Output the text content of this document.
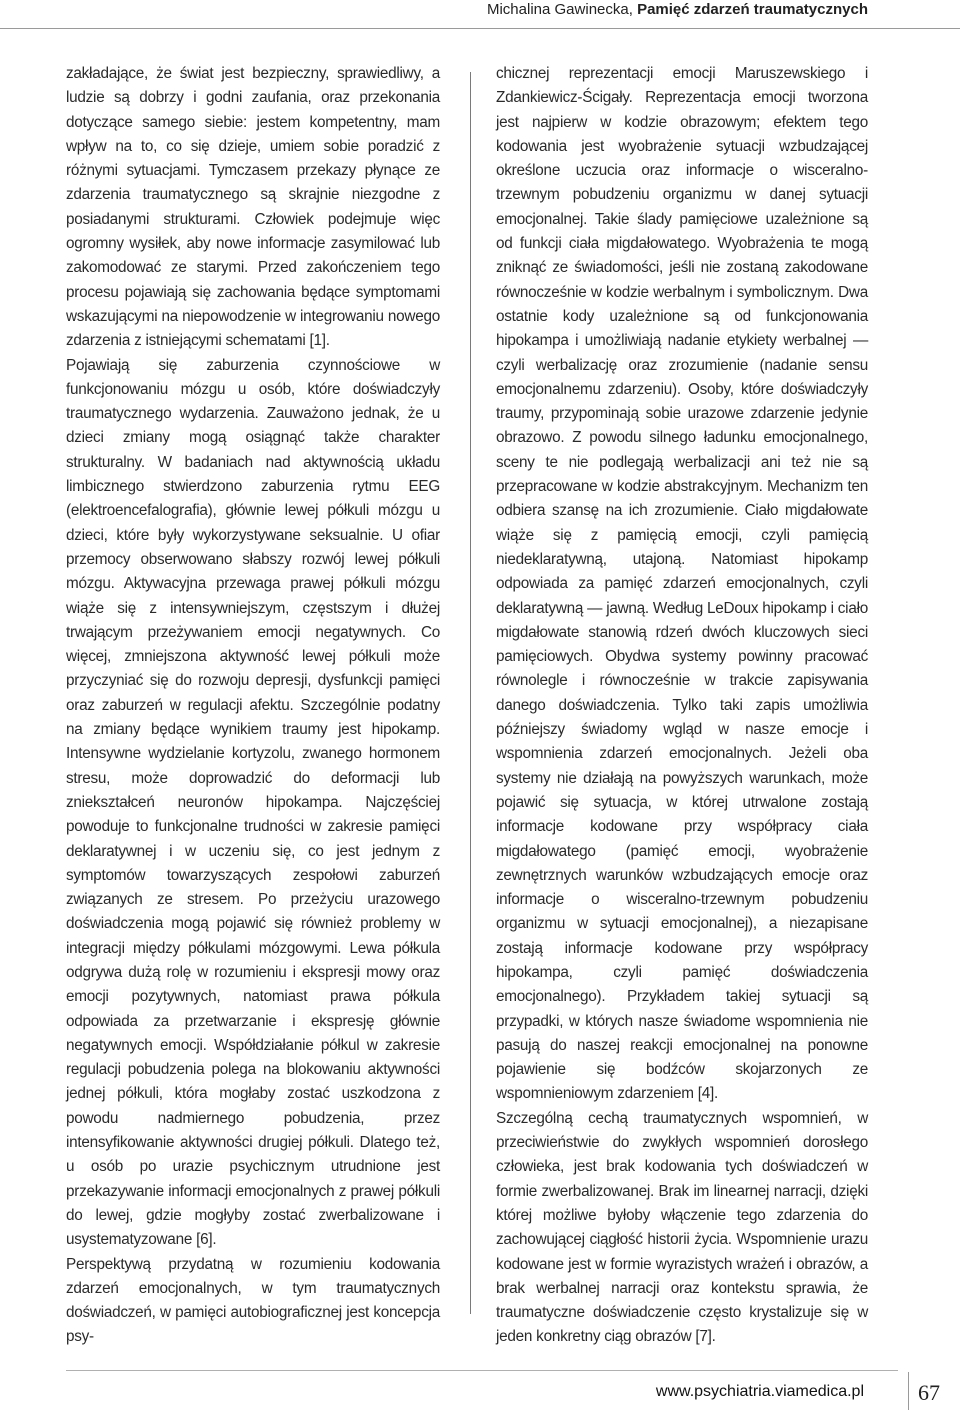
Michalina Gawinecka, Pamięć zdarzeń traumatycznych

zakładające, że świat jest bezpieczny, sprawiedliwy, a ludzie są dobrzy i godni zaufania, oraz przekonania dotyczące samego siebie: jestem kompetentny, mam wpływ na to, co się dzieje, umiem sobie poradzić z różnymi sytuacjami. Tymczasem przekazy płynące ze zdarzenia traumatycznego są skrajnie niezgodne z posiadanymi strukturami. Człowiek podejmuje więc ogromny wysiłek, aby nowe informacje zasymilować lub zakomodować ze starymi. Przed zakończeniem tego procesu pojawiają się zachowania będące symptomami wskazującymi na niepowodzenie w integrowaniu nowego zdarzenia z istniejącymi schematami [1].

Pojawiają się zaburzenia czynnościowe w funkcjonowaniu mózgu u osób, które doświadczyły traumatycznego wydarzenia. Zauważono jednak, że u dzieci zmiany mogą osiągnąć także charakter strukturalny. W badaniach nad aktywnością układu limbicznego stwierdzono zaburzenia rytmu EEG (elektroencefalografia), głównie lewej półkuli mózgu u dzieci, które były wykorzystywane seksualnie. U ofiar przemocy obserwowano słabszy rozwój lewej półkuli mózgu. Aktywacyjna przewaga prawej półkuli mózgu wiąże się z intensywniejszym, częstszym i dłużej trwającym przeżywaniem emocji negatywnych. Co więcej, zmniejszona aktywność lewej półkuli może przyczyniać się do rozwoju depresji, dysfunkcji pamięci oraz zaburzeń w regulacji afektu. Szczególnie podatny na zmiany będące wynikiem traumy jest hipokamp. Intensywne wydzielanie kortyzolu, zwanego hormonem stresu, może doprowadzić do deformacji lub zniekształceń neuronów hipokampa. Najczęściej powoduje to funkcjonalne trudności w zakresie pamięci deklaratywnej i w uczeniu się, co jest jednym z symptomów towarzyszących zespołowi zaburzeń związanych ze stresem. Po przeżyciu urazowego doświadczenia mogą pojawić się również problemy w integracji między półkulami mózgowymi. Lewa półkula odgrywa dużą rolę w rozumieniu i ekspresji mowy oraz emocji pozytywnych, natomiast prawa półkula odpowiada za przetwarzanie i ekspresję głównie negatywnych emocji. Współdziałanie półkul w zakresie regulacji pobudzenia polega na blokowaniu aktywności jednej półkuli, która mogłaby zostać uszkodzona z powodu nadmiernego pobudzenia, przez intensyfikowanie aktywności drugiej półkuli. Dlatego też, u osób po urazie psychicznym utrudnione jest przekazywanie informacji emocjonalnych z prawej półkuli do lewej, gdzie mogłyby zostać zwerbalizowane i usystematyzowane [6].

Perspektywą przydatną w rozumieniu kodowania zdarzeń emocjonalnych, w tym traumatycznych doświadczeń, w pamięci autobiograficznej jest koncepcja psy-

chicznej reprezentacji emocji Maruszewskiego i Zdankiewicz-Ścigały. Reprezentacja emocji tworzona jest najpierw w kodzie obrazowym; efektem tego kodowania jest wyobrażenie sytuacji wzbudzającej określone uczucia oraz informacje o wisceralno-trzewnym pobudzeniu organizmu w danej sytuacji emocjonalnej. Takie ślady pamięciowe uzależnione są od funkcji ciała migdałowatego. Wyobrażenia te mogą zniknąć ze świadomości, jeśli nie zostaną zakodowane równocześnie w kodzie werbalnym i symbolicznym. Dwa ostatnie kody uzależnione są od funkcjonowania hipokampa i umożliwiają nadanie etykiety werbalnej — czyli werbalizację oraz zrozumienie (nadanie sensu emocjonalnemu zdarzeniu). Osoby, które doświadczyły traumy, przypominają sobie urazowe zdarzenie jedynie obrazowo. Z powodu silnego ładunku emocjonalnego, sceny te nie podlegają werbalizacji ani też nie są przepracowane w kodzie abstrakcyjnym. Mechanizm ten odbiera szansę na ich zrozumienie. Ciało migdałowate wiąże się z pamięcią emocji, czyli pamięcią niedeklaratywną, utajoną. Natomiast hipokamp odpowiada za pamięć zdarzeń emocjonalnych, czyli deklaratywną — jawną. Według LeDoux hipokamp i ciało migdałowate stanowią rdzeń dwóch kluczowych sieci pamięciowych. Obydwa systemy powinny pracować równolegle i równocześnie w trakcie zapisywania danego doświadczenia. Tylko taki zapis umożliwia późniejszy świadomy wgląd w nasze emocje i wspomnienia zdarzeń emocjonalnych. Jeżeli oba systemy nie działają na powyższych warunkach, może pojawić się sytuacja, w której utrwalone zostają informacje kodowane przy współpracy ciała migdałowatego (pamięć emocji, wyobrażenie zewnętrznych warunków wzbudzających emocje oraz informacje o wisceralno-trzewnym pobudzeniu organizmu w sytuacji emocjonalnej), a niezapisane zostają informacje kodowane przy współpracy hipokampa, czyli pamięć doświadczenia emocjonalnego). Przykładem takiej sytuacji są przypadki, w których nasze świadome wspomnienia nie pasują do naszej reakcji emocjonalnej na ponowne pojawienie się bodźców skojarzonych ze wspomnieniowym zdarzeniem [4].

Szczególną cechą traumatycznych wspomnień, w przeciwieństwie do zwykłych wspomnień dorosłego człowieka, jest brak kodowania tych doświadczeń w formie zwerbalizowanej. Brak im linearnej narracji, dzięki której możliwe byłoby włączenie tego zdarzenia do zachowującej ciągłość historii życia. Wspomnienie urazu kodowane jest w formie wyrazistych wrażeń i obrazów, a brak werbalnej narracji oraz kontekstu sprawia, że traumatyczne doświadczenie często krystalizuje się w jeden konkretny ciąg obrazów [7].

www.psychiatria.viamedica.pl 67
